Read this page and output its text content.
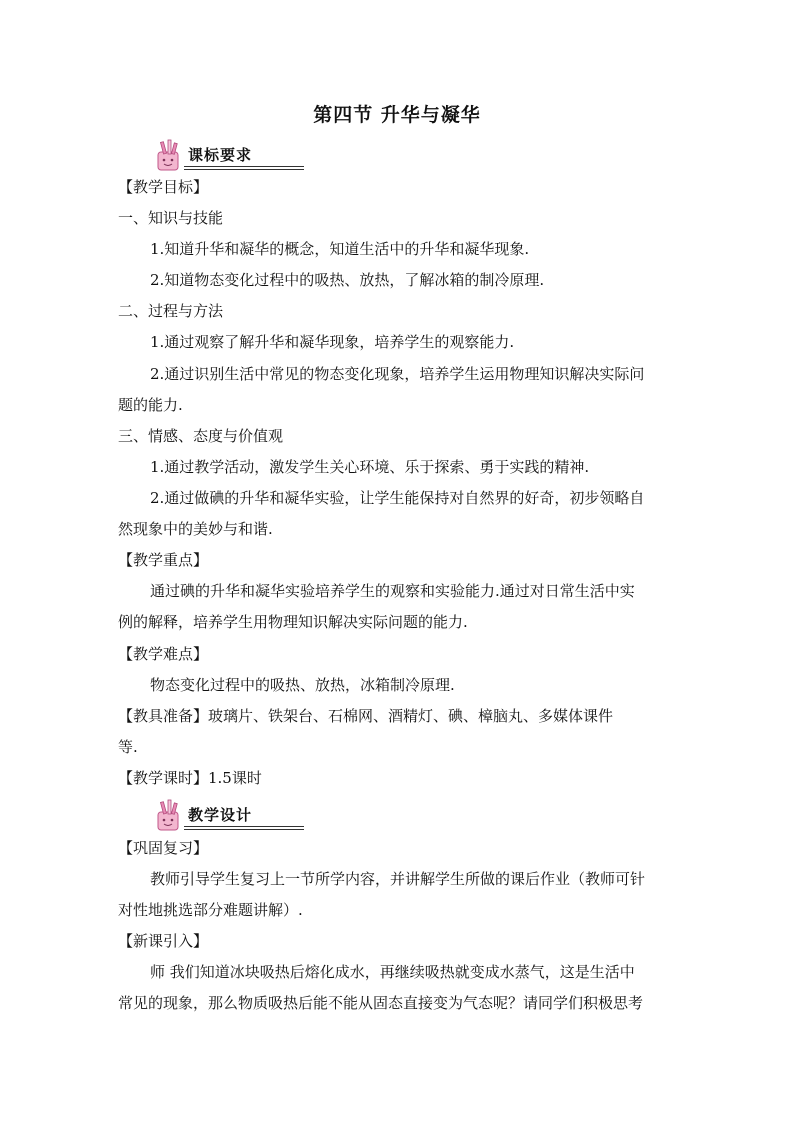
第四节 升华与凝华
课标要求
【教学目标】
一、知识与技能
1.知道升华和凝华的概念，知道生活中的升华和凝华现象.
2.知道物态变化过程中的吸热、放热，了解冰箱的制冷原理.
二、过程与方法
1.通过观察了解升华和凝华现象，培养学生的观察能力.
2.通过识别生活中常见的物态变化现象，培养学生运用物理知识解决实际问
题的能力.
三、情感、态度与价值观
1.通过教学活动，激发学生关心环境、乐于探索、勇于实践的精神.
2.通过做碘的升华和凝华实验，让学生能保持对自然界的好奇，初步领略自
然现象中的美妙与和谐.
【教学重点】
通过碘的升华和凝华实验培养学生的观察和实验能力.通过对日常生活中实
例的解释，培养学生用物理知识解决实际问题的能力.
【教学难点】
物态变化过程中的吸热、放热，冰箱制冷原理.
【教具准备】玻璃片、铁架台、石棉网、酒精灯、碘、樟脑丸、多媒体课件
等.
【教学课时】1.5课时
教学设计
【巩固复习】
教师引导学生复习上一节所学内容，并讲解学生所做的课后作业（教师可针
对性地挑选部分难题讲解）.
【新课引入】
师 我们知道冰块吸热后熔化成水，再继续吸热就变成水蒸气，这是生活中
常见的现象，那么物质吸热后能不能从固态直接变为气态呢？请同学们积极思考
